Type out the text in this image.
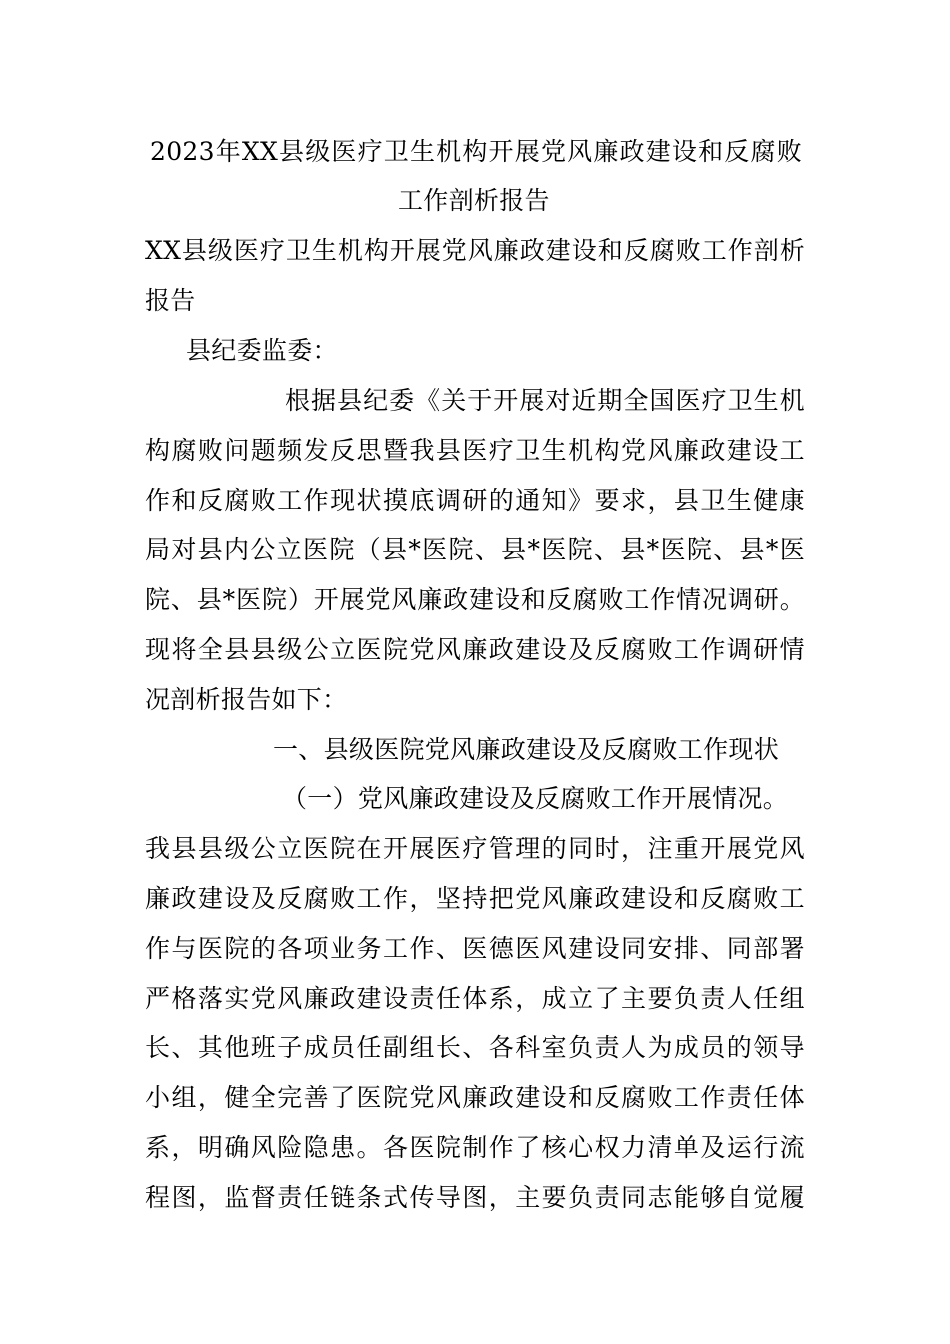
2023年XX县级医疗卫生机构开展党风廉政建设和反腐败
工作剖析报告
XX县级医疗卫生机构开展党风廉政建设和反腐败工作剖析
报告
县纪委监委：
根据县纪委《关于开展对近期全国医疗卫生机
构腐败问题频发反思暨我县医疗卫生机构党风廉政建设工
作和反腐败工作现状摸底调研的通知》要求，县卫生健康
局对县内公立医院（县*医院、县*医院、县*医院、县*医
院、县*医院）开展党风廉政建设和反腐败工作情况调研。
现将全县县级公立医院党风廉政建设及反腐败工作调研情
况剖析报告如下：
一、县级医院党风廉政建设及反腐败工作现状
（一）党风廉政建设及反腐败工作开展情况。
我县县级公立医院在开展医疗管理的同时，注重开展党风
廉政建设及反腐败工作，坚持把党风廉政建设和反腐败工
作与医院的各项业务工作、医德医风建设同安排、同部署
严格落实党风廉政建设责任体系，成立了主要负责人任组
长、其他班子成员任副组长、各科室负责人为成员的领导
小组，健全完善了医院党风廉政建设和反腐败工作责任体
系，明确风险隐患。各医院制作了核心权力清单及运行流
程图，监督责任链条式传导图，主要负责同志能够自觉履
